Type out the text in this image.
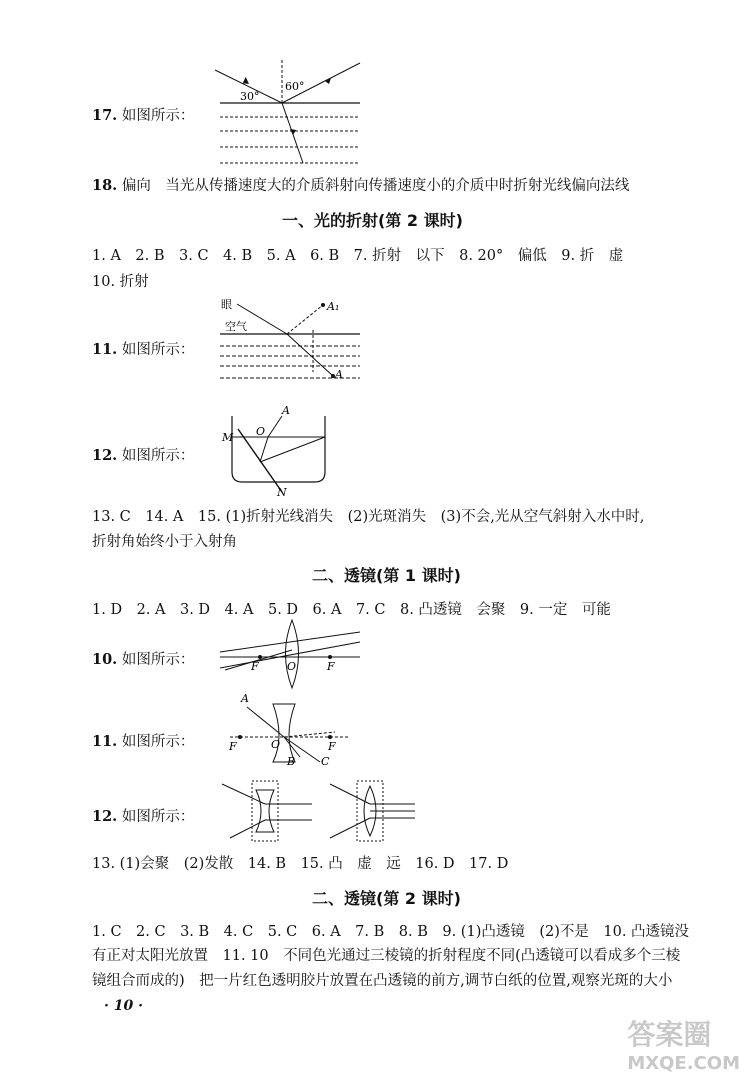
17. 如图所示：
30°
60°
18. 偏向　当光从传播速度大的介质斜射向传播速度小的介质中时折射光线偏向法线
一、光的折射(第 2 课时)
1. A　2. B　3. C　4. B　5. A　6. B　7. 折射　以下　8. 20°　偏低　9. 折　虚
10. 折射
11. 如图所示：
眼
空气
A₁
A
12. 如图所示：
A
O
M
N
13. C　14. A　15. (1)折射光线消失　(2)光斑消失　(3)不会,光从空气斜射入水中时,
折射角始终小于入射角
二、透镜(第 1 课时)
1. D　2. A　3. D　4. A　5. D　6. A　7. C　8. 凸透镜　会聚　9. 一定　可能
10. 如图所示：	F	O	F
11. 如图所示：
A
F	O	F
B C
12. 如图所示：
13. (1)会聚　(2)发散　14. B　15. 凸　虚　远　16. D　17. D
二、透镜(第 2 课时)
1. C　2. C　3. B　4. C　5. C　6. A　7. B　8. B　9. (1)凸透镜　(2)不是　10. 凸透镜没
有正对太阳光放置　11. 10　不同色光通过三棱镜的折射程度不同(凸透镜可以看成多个三棱
镜组合而成的)　把一片红色透明胶片放置在凸透镜的前方,调节白纸的位置,观察光斑的大小
· 10 ·
答案圈
MXQE.COM
